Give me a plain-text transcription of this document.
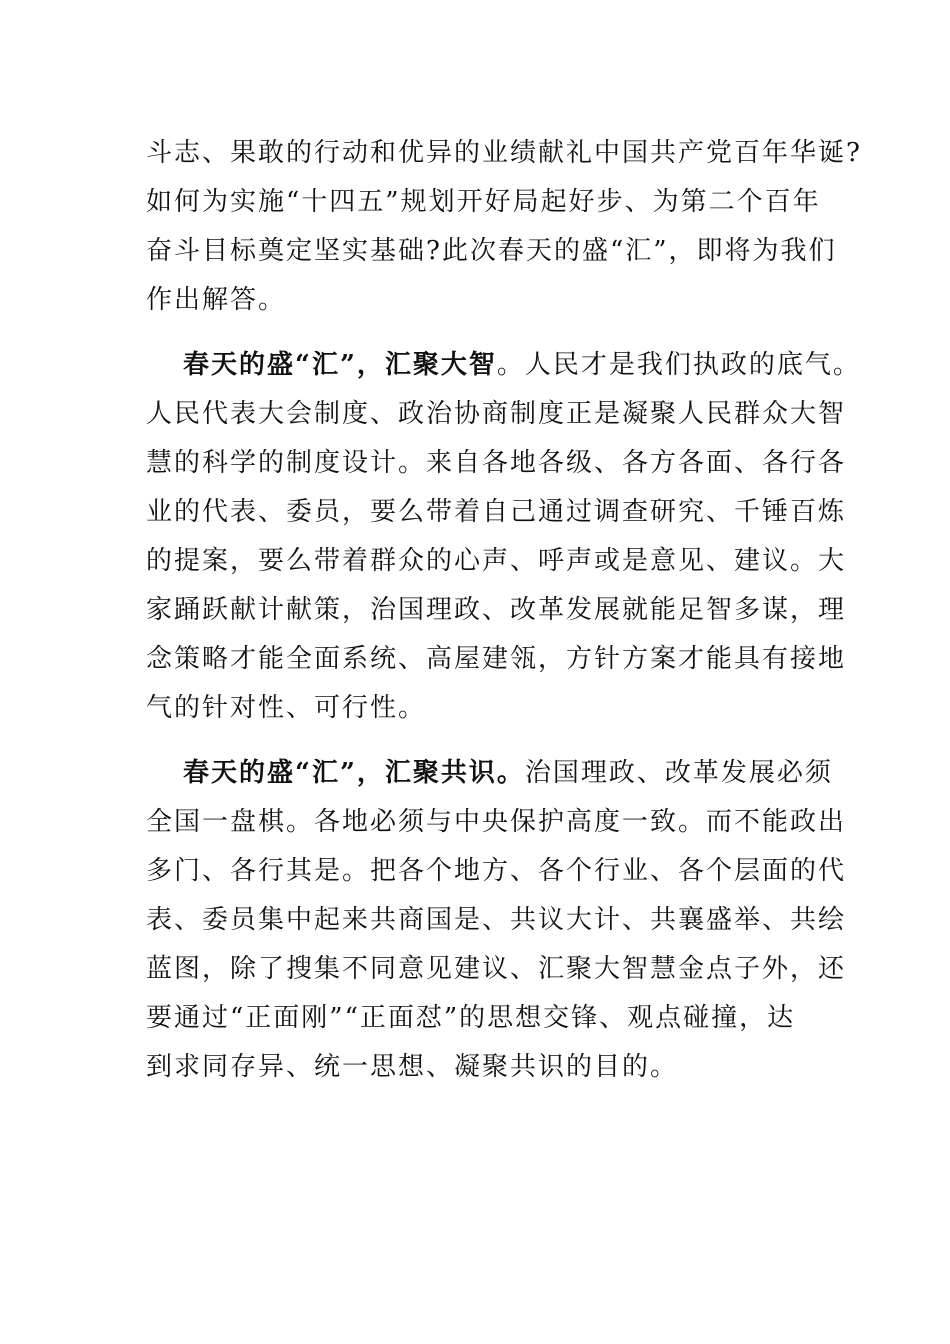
斗志、果敢的行动和优异的业绩献礼中国共产党百年华诞?
如何为实施“十四五”规划开好局起好步、为第二个百年
奋斗目标奠定坚实基础?此次春天的盛“汇”，即将为我们
作出解答。
春天的盛“汇”，汇聚大智。人民才是我们执政的底气。
人民代表大会制度、政治协商制度正是凝聚人民群众大智
慧的科学的制度设计。来自各地各级、各方各面、各行各
业的代表、委员，要么带着自己通过调查研究、千锤百炼
的提案，要么带着群众的心声、呼声或是意见、建议。大
家踊跃献计献策，治国理政、改革发展就能足智多谋，理
念策略才能全面系统、高屋建瓴，方针方案才能具有接地
气的针对性、可行性。
春天的盛“汇”，汇聚共识。治国理政、改革发展必须
全国一盘棋。各地必须与中央保护高度一致。而不能政出
多门、各行其是。把各个地方、各个行业、各个层面的代
表、委员集中起来共商国是、共议大计、共襄盛举、共绘
蓝图，除了搜集不同意见建议、汇聚大智慧金点子外，还
要通过“正面刚”“正面怼”的思想交锋、观点碰撞，达
到求同存异、统一思想、凝聚共识的目的。
